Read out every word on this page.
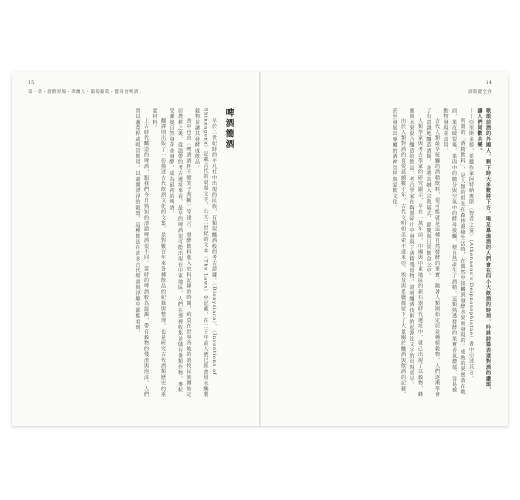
15
第一章・發酵原場・弗蘭人・葡萄葡萄・健身食啤酒
啤酒簡酒

早於二世紀時的平凡社中出現的民族，有類似釀酒般的考古證據。〈Dionysiaca〉、〈Inventions of Shinnagonu〉記載古代的衰弱文字，公元二世紀的文本〈The Laws〉中記載，在二千年前人們已經會用水醃製穀物並讓其發酵成飲品。

書中也由〈啤酒酒杯不變笑子判斷〉等建言。發酵飲料進入史料記錄的時間，約莫在世界各地的遊牧民族開始定居農耕之後。從溫帶的考古遺址來看，最早的啤酒很可能出現在中東地區，人們在那裡收集並儲存麥類作物，麥粒受潮後自然發芽並發酵，成為最初的啤酒。

翻譯則出版了一份描述古代飲酒文化的文集，是對數百年來各種飲品的紀錄與整理，也是研究古代酒類歷史的重要材料。

上古時代釀造的啤酒，跟我們今日熟知的清澈啤酒很不同。當時的啤酒較為混濁，帶有穀物的殘渣與泡沫，人們常以蘆葦稈或吸管飲用，以避開漂浮的穀殼。這種飲法在許多古代壁畫與浮雕中都能看到。

14
酒與健全食

歌頌前酒的外國人，剩下時大多數將下方，喝足暴湯酒的人們會在四小大飲酒的時刻，吟詠詩篇表達對酒的讚頌，讓人們同歡共樂。

——亞里斯多德，希臘作家阿特納奧斯〈智者之宴〉（Athenaeus's Deipnosophistae）書中引述其言。

所謂的「酒精飲料」，是人類的祖先在森林邊緣生活時，在偶然中接觸到發酵水果而發現的。成熟的果實落在地面，果皮破裂後，果肉中的糖分與空氣中的酵母接觸，便自然產生了酒精。這類熟透發酵的果實香氣濃郁，容易被動物發現並食用。

古代人類最早接觸的酒精飲料，很可能就是這種自然發酵的果實。隨著人類開始定居並種植穀物，人們逐漸學會了有意識地釀造酒類，並將其融入宗教儀式、節慶與日常飲食之中。

人類學家與考古學家的研究顯示，早在一萬年前，中國與中東地區的新石器時代遺址中，就已出現了以穀物、蜂蜜與水果混合釀造的飲品。考古學家在陶器碎片中發現了酒精殘留物，證明釀酒技術的起源比文字的出現更早。

由於人類對酒的喜愛延續數千年，古代文明如美索不達米亞、埃及與希臘都留下了大量關於釀酒與飲酒的記載，甚至發展出專屬的酒神崇拜與宴飲文化。
